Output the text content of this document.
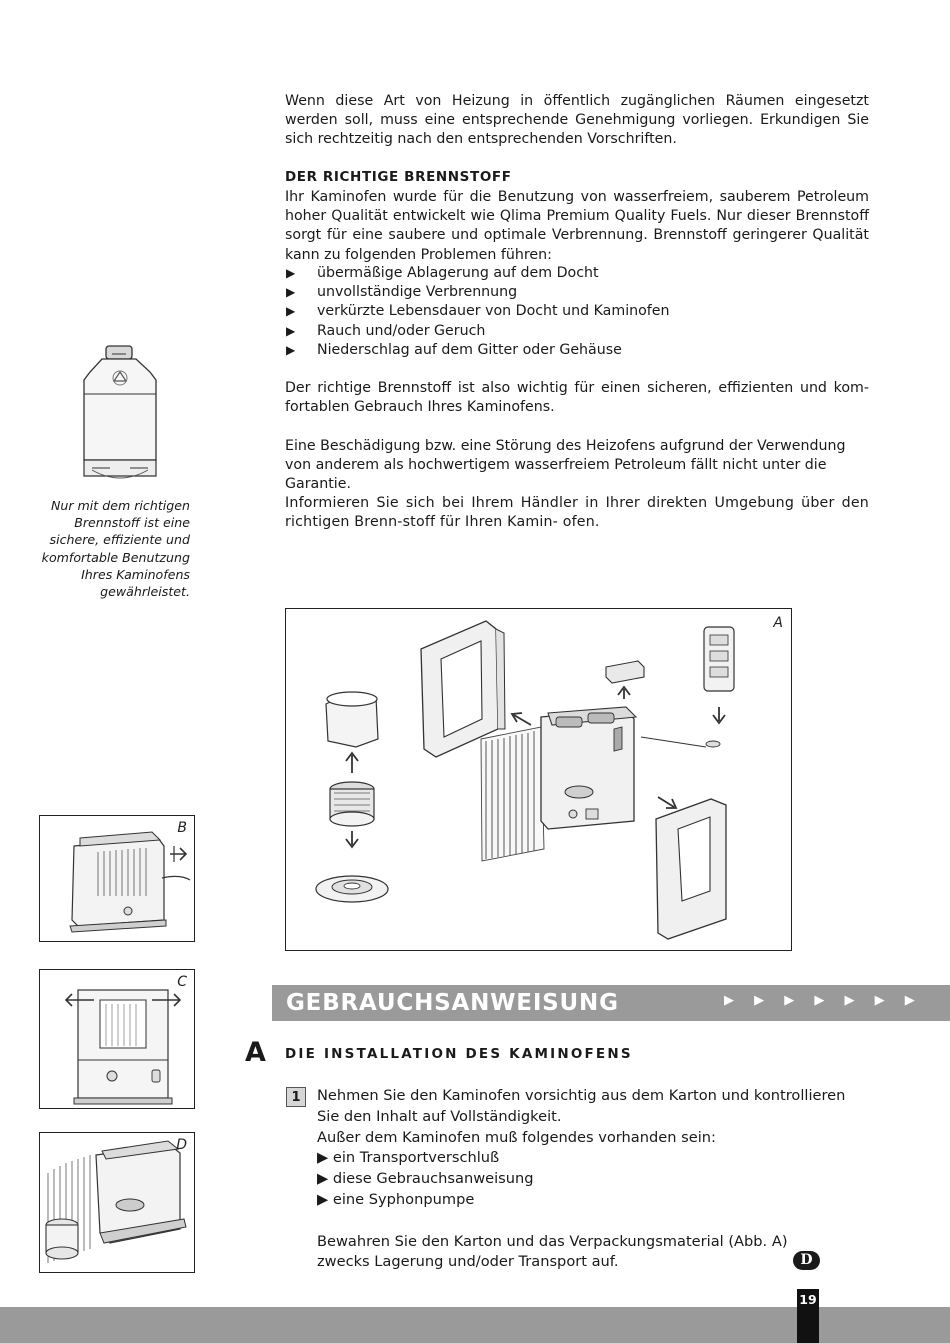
Wenn diese Art von Heizung in öffentlich zugänglichen Räumen eingesetzt werden soll, muss eine entsprechende Genehmigung vorliegen. Erkundigen Sie sich rechtzeitig nach den entsprechenden Vorschriften.

DER RICHTIGE BRENNSTOFF

Ihr Kaminofen wurde für die Benutzung von wasserfreiem, sauberem Petroleum hoher Qualität entwickelt wie Qlima Premium Quality Fuels. Nur dieser Brennstoff sorgt für eine saubere und optimale Verbrennung. Brennstoff geringerer Qualität kann zu folgenden Problemen führen:

▶ übermäßige Ablagerung auf dem Docht
▶ unvollständige Verbrennung
▶ verkürzte Lebensdauer von Docht und Kaminofen
▶ Rauch und/oder Geruch
▶ Niederschlag auf dem Gitter oder Gehäuse

Der richtige Brennstoff ist also wichtig für einen sicheren, effizienten und kom-fortablen Gebrauch Ihres Kaminofens.

Eine Beschädigung bzw. eine Störung des Heizofens aufgrund der Verwendung von anderem als hochwertigem wasserfreiem Petroleum fällt nicht unter die Garantie.

Informieren Sie sich bei Ihrem Händler in Ihrer direkten Umgebung über den richtigen Brenn-stoff für Ihren Kamin- ofen.

Nur mit dem richtigen
Brennstoff ist eine
sichere, effiziente und
komfortable Benutzung
Ihres Kaminofens
gewährleistet.
A
B
C
D
GEBRAUCHSANWEISUNG	▶ ▶ ▶ ▶ ▶ ▶ ▶
A DIE INSTALLATION DES KAMINOFENS
1	Nehmen Sie den Kaminofen vorsichtig aus dem Karton und kontrollieren Sie den Inhalt auf Vollständigkeit.
Außer dem Kaminofen muß folgendes vorhanden sein:
▶ ein Transportverschluß
▶ diese Gebrauchsanweisung
▶ eine Syphonpumpe
Bewahren Sie den Karton und das Verpackungsmaterial (Abb. A) zwecks Lagerung und/oder Transport auf.	D
19
